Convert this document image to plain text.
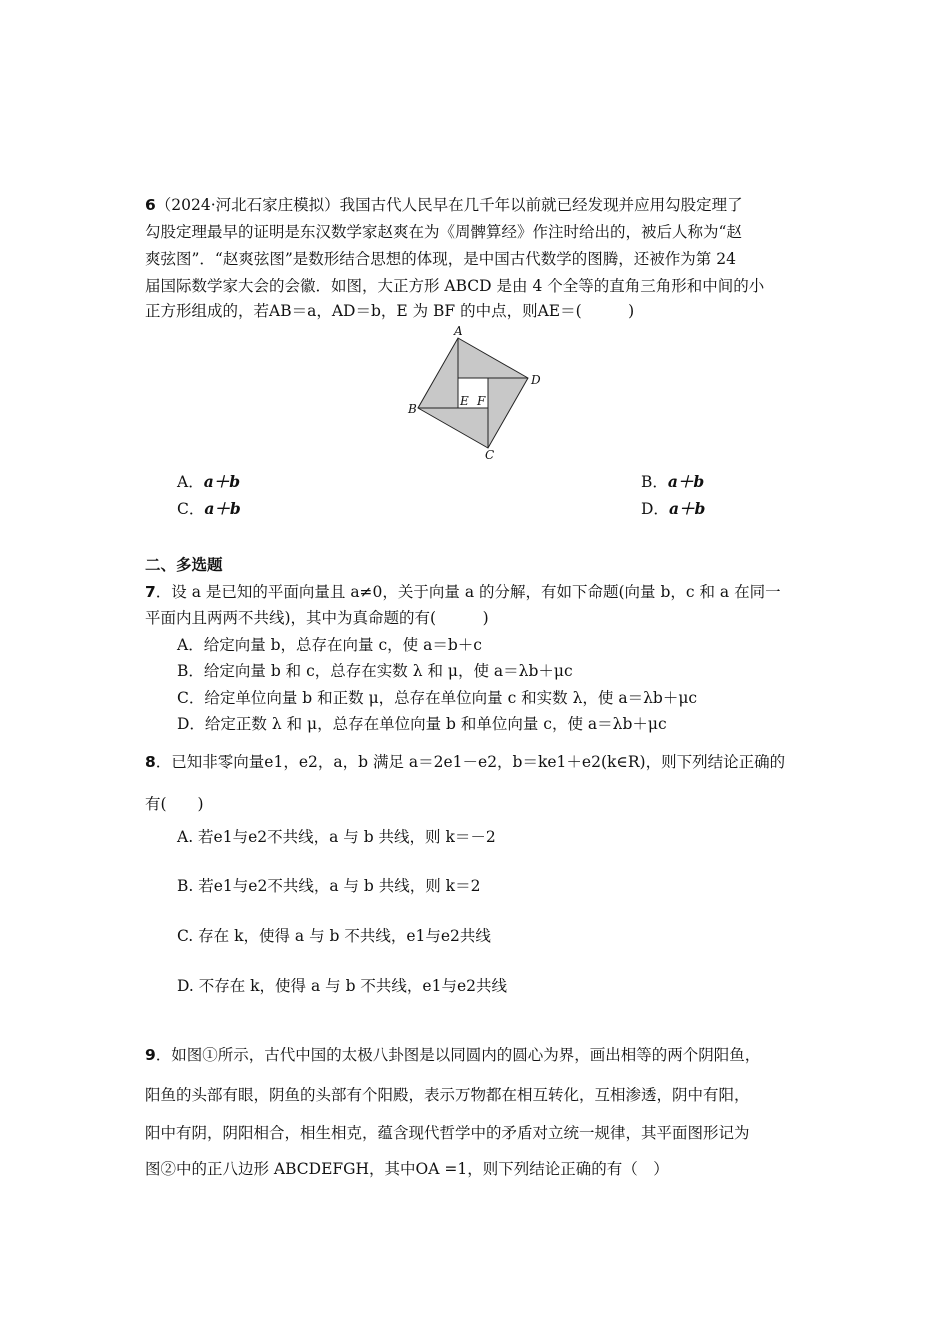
6（2024·河北石家庄模拟）我国古代人民早在几千年以前就已经发现并应用勾股定理了
勾股定理最早的证明是东汉数学家赵爽在为《周髀算经》作注时给出的，被后人称为“赵
爽弦图”．“赵爽弦图”是数形结合思想的体现，是中国古代数学的图腾，还被作为第 24
届国际数学家大会的会徽．如图，大正方形 ABCD 是由 4 个全等的直角三角形和中间的小
正方形组成的，若AB＝a，AD＝b，E 为 BF 的中点，则AE＝(　　　)
A
B
C
D
E F
A．a＋b	B．a＋b
C．a＋b	D．a＋b
二、多选题
7．设 a 是已知的平面向量且 a≠0，关于向量 a 的分解，有如下命题(向量 b，c 和 a 在同一
平面内且两两不共线)，其中为真命题的有(　　　)
A．给定向量 b，总存在向量 c，使 a＝b＋c
B．给定向量 b 和 c，总存在实数 λ 和 μ，使 a＝λb＋μc
C．给定单位向量 b 和正数 μ，总存在单位向量 c 和实数 λ，使 a＝λb＋μc
D．给定正数 λ 和 μ，总存在单位向量 b 和单位向量 c，使 a＝λb＋μc
8．已知非零向量e1，e2，a，b 满足 a＝2e1－e2，b＝ke1＋e2(k∈R)，则下列结论正确的
有(　　)
A. 若e1与e2不共线，a 与 b 共线，则 k＝－2
B. 若e1与e2不共线，a 与 b 共线，则 k＝2
C. 存在 k，使得 a 与 b 不共线，e1与e2共线
D. 不存在 k，使得 a 与 b 不共线，e1与e2共线
9．如图①所示，古代中国的太极八卦图是以同圆内的圆心为界，画出相等的两个阴阳鱼，
阳鱼的头部有眼，阴鱼的头部有个阳殿，表示万物都在相互转化，互相渗透，阴中有阳，
阳中有阴，阴阳相合，相生相克，蕴含现代哲学中的矛盾对立统一规律，其平面图形记为
图②中的正八边形 ABCDEFGH，其中OA =1，则下列结论正确的有（　）
